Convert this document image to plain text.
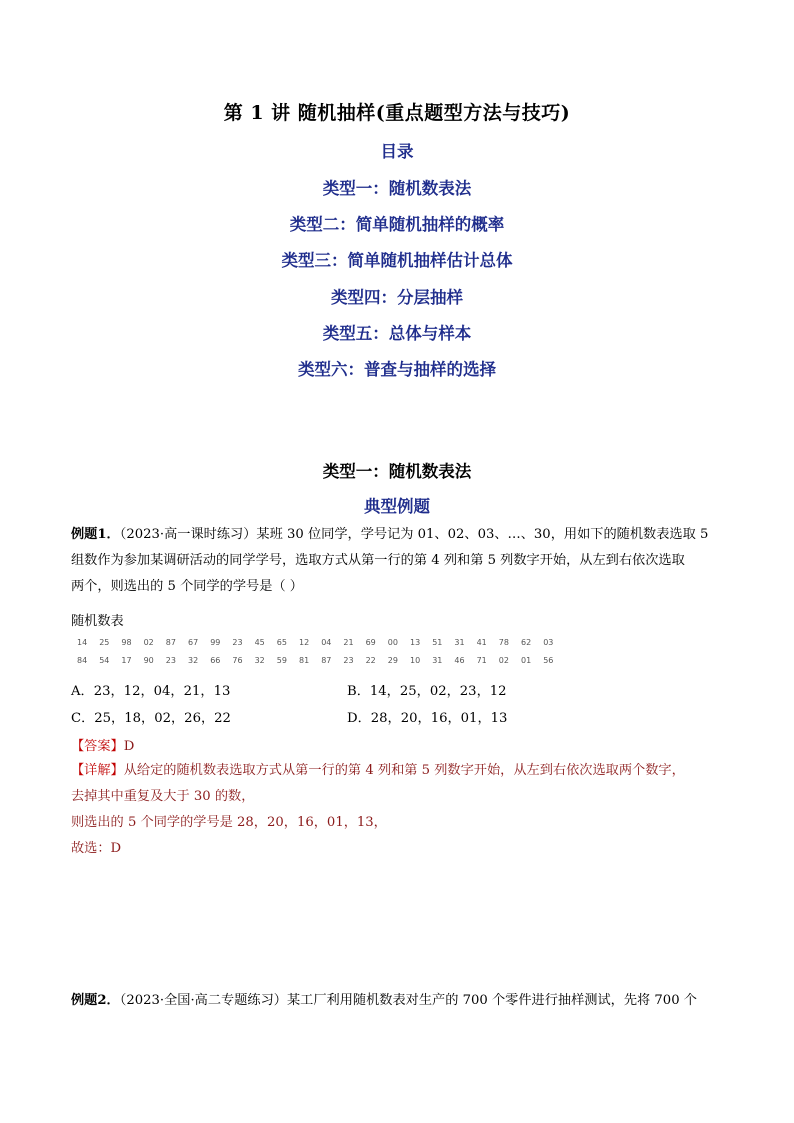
第 1 讲 随机抽样(重点题型方法与技巧)
目录
类型一：随机数表法
类型二：简单随机抽样的概率
类型三：简单随机抽样估计总体
类型四：分层抽样
类型五：总体与样本
类型六：普查与抽样的选择
类型一：随机数表法
典型例题
例题1．（2023·高一课时练习）某班 30 位同学，学号记为 01、02、03、…、30，用如下的随机数表选取 5
组数作为参加某调研活动的同学学号，选取方式从第一行的第 4 列和第 5 列数字开始，从左到右依次选取
两个，则选出的 5 个同学的学号是（ ）
随机数表
14 25 98 02 87 67 99 23 45 65 12 04 21 69 00 13 51 31 41 78 62 03
84 54 17 90 23 32 66 76 32 59 81 87 23 22 29 10 31 46 71 02 01 56
A．23，12，04，21，13	B．14，25，02，23，12
C．25，18，02，26，22	D．28，20，16，01，13
【答案】D
【详解】从给定的随机数表选取方式从第一行的第 4 列和第 5 列数字开始，从左到右依次选取两个数字，
去掉其中重复及大于 30 的数，
则选出的 5 个同学的学号是 28，20，16，01，13，
故选：D
例题2．（2023·全国·高二专题练习）某工厂利用随机数表对生产的 700 个零件进行抽样测试，先将 700 个
